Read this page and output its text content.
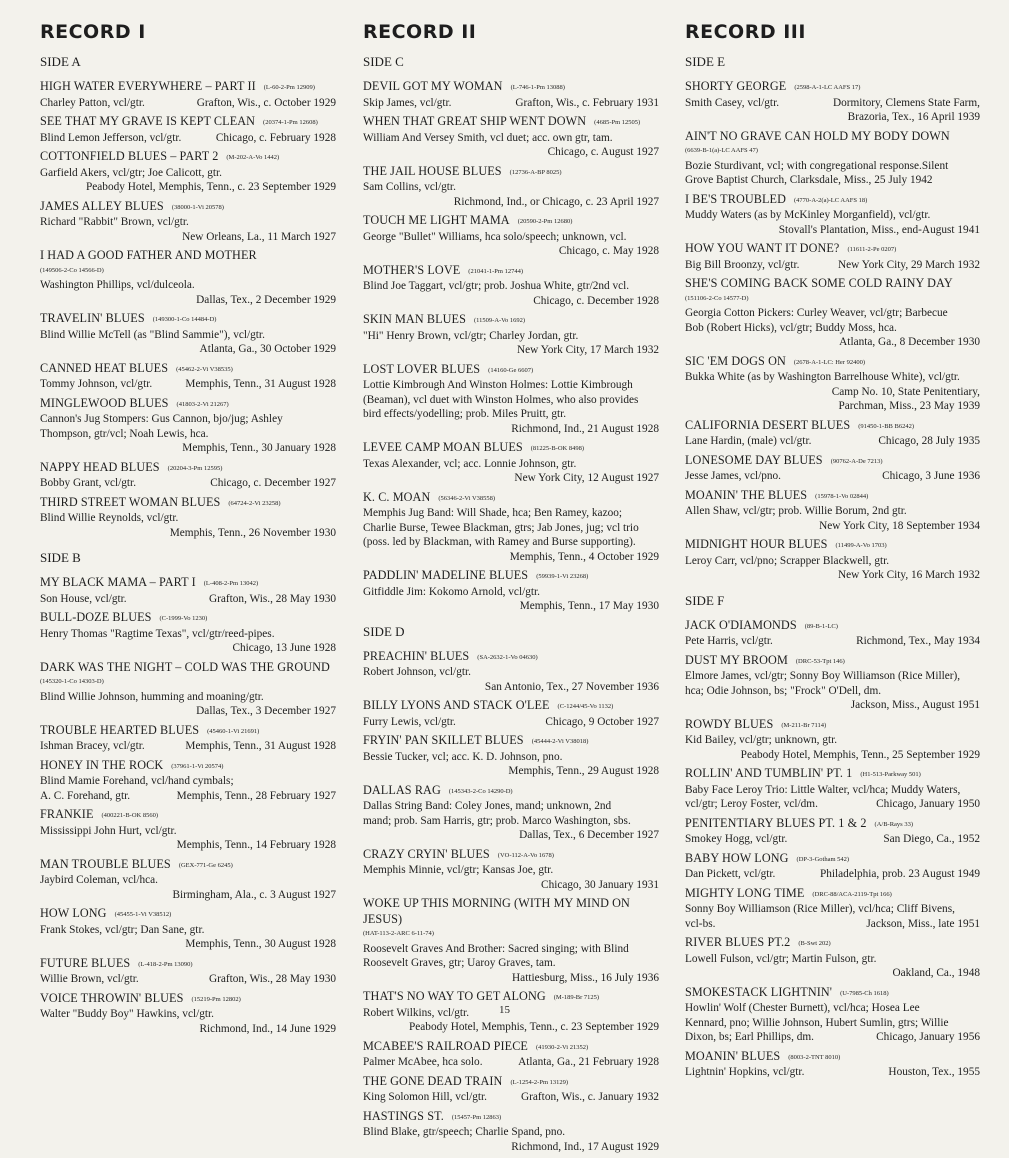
RECORD I
SIDE A
HIGH WATER EVERYWHERE – PART II (L-60-2-Pm 12909)
Charley Patton, vcl/gtr.	Grafton, Wis., c. October 1929
SEE THAT MY GRAVE IS KEPT CLEAN (20374-1-Pm 12608)
Blind Lemon Jefferson, vcl/gtr.	Chicago, c. February 1928
COTTONFIELD BLUES – PART 2 (M-202-A-Vo 1442)
Garfield Akers, vcl/gtr; Joe Calicott, gtr.
Peabody Hotel, Memphis, Tenn., c. 23 September 1929
JAMES ALLEY BLUES (38000-1-Vi 20578)
Richard "Rabbit" Brown, vcl/gtr.
New Orleans, La., 11 March 1927
I HAD A GOOD FATHER AND MOTHER
(149506-2-Co 14566-D)
Washington Phillips, vcl/dulceola.
Dallas, Tex., 2 December 1929
TRAVELIN' BLUES (149300-1-Co 14484-D)
Blind Willie McTell (as "Blind Sammie"), vcl/gtr.
Atlanta, Ga., 30 October 1929
CANNED HEAT BLUES (45462-2-Vi V38535)
Tommy Johnson, vcl/gtr.	Memphis, Tenn., 31 August 1928
MINGLEWOOD BLUES (41803-2-Vi 21267)
Cannon's Jug Stompers: Gus Cannon, bjo/jug; Ashley
Thompson, gtr/vcl; Noah Lewis, hca.
Memphis, Tenn., 30 January 1928
NAPPY HEAD BLUES (20204-3-Pm 12595)
Bobby Grant, vcl/gtr.	Chicago, c. December 1927
THIRD STREET WOMAN BLUES (64724-2-Vi 23258)
Blind Willie Reynolds, vcl/gtr.
Memphis, Tenn., 26 November 1930
SIDE B
MY BLACK MAMA – PART I (L-408-2-Pm 13042)
Son House, vcl/gtr.	Grafton, Wis., 28 May 1930
BULL-DOZE BLUES (C-1999-Vo 1230)
Henry Thomas "Ragtime Texas", vcl/gtr/reed-pipes.
Chicago, 13 June 1928
DARK WAS THE NIGHT – COLD WAS THE GROUND
(145320-1-Co 14303-D)
Blind Willie Johnson, humming and moaning/gtr.
Dallas, Tex., 3 December 1927
TROUBLE HEARTED BLUES (45460-1-Vi 21691)
Ishman Bracey, vcl/gtr.	Memphis, Tenn., 31 August 1928
HONEY IN THE ROCK (37961-1-Vi 20574)
Blind Mamie Forehand, vcl/hand cymbals;
A. C. Forehand, gtr.	Memphis, Tenn., 28 February 1927
FRANKIE (400221-B-OK 8560)
Mississippi John Hurt, vcl/gtr.
Memphis, Tenn., 14 February 1928
MAN TROUBLE BLUES (GEX-771-Ge 6245)
Jaybird Coleman, vcl/hca.
Birmingham, Ala., c. 3 August 1927
HOW LONG (45455-1-Vi V38512)
Frank Stokes, vcl/gtr; Dan Sane, gtr.
Memphis, Tenn., 30 August 1928
FUTURE BLUES (L-418-2-Pm 13090)
Willie Brown, vcl/gtr.	Grafton, Wis., 28 May 1930
VOICE THROWIN' BLUES (15219-Pm 12802)
Walter "Buddy Boy" Hawkins, vcl/gtr.
Richmond, Ind., 14 June 1929
RECORD II
SIDE C
DEVIL GOT MY WOMAN (L-746-1-Pm 13088)
Skip James, vcl/gtr.	Grafton, Wis., c. February 1931
WHEN THAT GREAT SHIP WENT DOWN (4685-Pm 12505)
William And Versey Smith, vcl duet; acc. own gtr, tam.
Chicago, c. August 1927
THE JAIL HOUSE BLUES (12736-A-BP 8025)
Sam Collins, vcl/gtr.
Richmond, Ind., or Chicago, c. 23 April 1927
TOUCH ME LIGHT MAMA (20590-2-Pm 12680)
George "Bullet" Williams, hca solo/speech; unknown, vcl.
Chicago, c. May 1928
MOTHER'S LOVE (21041-1-Pm 12744)
Blind Joe Taggart, vcl/gtr; prob. Joshua White, gtr/2nd vcl.
Chicago, c. December 1928
SKIN MAN BLUES (11509-A-Vo 1692)
"Hi" Henry Brown, vcl/gtr; Charley Jordan, gtr.
New York City, 17 March 1932
LOST LOVER BLUES (14160-Ge 6607)
Lottie Kimbrough And Winston Holmes: Lottie Kimbrough
(Beaman), vcl duet with Winston Holmes, who also provides
bird effects/yodelling; prob. Miles Pruitt, gtr.
Richmond, Ind., 21 August 1928
LEVEE CAMP MOAN BLUES (81225-B-OK 8498)
Texas Alexander, vcl; acc. Lonnie Johnson, gtr.
New York City, 12 August 1927
K. C. MOAN (56346-2-Vi V38558)
Memphis Jug Band: Will Shade, hca; Ben Ramey, kazoo;
Charlie Burse, Tewee Blackman, gtrs; Jab Jones, jug; vcl trio
(poss. led by Blackman, with Ramey and Burse supporting).
Memphis, Tenn., 4 October 1929
PADDLIN' MADELINE BLUES (59939-1-Vi 23268)
Gitfiddle Jim: Kokomo Arnold, vcl/gtr.
Memphis, Tenn., 17 May 1930
SIDE D
PREACHIN' BLUES (SA-2632-1-Vo 04630)
Robert Johnson, vcl/gtr.
San Antonio, Tex., 27 November 1936
BILLY LYONS AND STACK O'LEE (C-1244/45-Vo 1132)
Furry Lewis, vcl/gtr.	Chicago, 9 October 1927
FRYIN' PAN SKILLET BLUES (45444-2-Vi V38018)
Bessie Tucker, vcl; acc. K. D. Johnson, pno.
Memphis, Tenn., 29 August 1928
DALLAS RAG (145343-2-Co 14290-D)
Dallas String Band: Coley Jones, mand; unknown, 2nd
mand; prob. Sam Harris, gtr; prob. Marco Washington, sbs.
Dallas, Tex., 6 December 1927
CRAZY CRYIN' BLUES (VO-112-A-Vo 1678)
Memphis Minnie, vcl/gtr; Kansas Joe, gtr.
Chicago, 30 January 1931
WOKE UP THIS MORNING (WITH MY MIND ON JESUS)
(HAT-113-2-ARC 6-11-74)
Roosevelt Graves And Brother: Sacred singing; with Blind
Roosevelt Graves, gtr; Uaroy Graves, tam.
Hattiesburg, Miss., 16 July 1936
THAT'S NO WAY TO GET ALONG (M-189-Br 7125)
Robert Wilkins, vcl/gtr.
Peabody Hotel, Memphis, Tenn., c. 23 September 1929
MCABEE'S RAILROAD PIECE (41930-2-Vi 21352)
Palmer McAbee, hca solo.	Atlanta, Ga., 21 February 1928
THE GONE DEAD TRAIN (L-1254-2-Pm 13129)
King Solomon Hill, vcl/gtr.	Grafton, Wis., c. January 1932
HASTINGS ST. (15457-Pm 12863)
Blind Blake, gtr/speech; Charlie Spand, pno.
Richmond, Ind., 17 August 1929
RECORD III
SIDE E
SHORTY GEORGE (2598-A-1-LC AAFS 17)
Smith Casey, vcl/gtr.	Dormitory, Clemens State Farm,
Brazoria, Tex., 16 April 1939
AIN'T NO GRAVE CAN HOLD MY BODY DOWN
(6639-B-1(a)-LC AAFS 47)
Bozie Sturdivant, vcl; with congregational response.Silent
Grove Baptist Church, Clarksdale, Miss., 25 July 1942
I BE'S TROUBLED (4770-A-2(a)-LC AAFS 18)
Muddy Waters (as by McKinley Morganfield), vcl/gtr.
Stovall's Plantation, Miss., end-August 1941
HOW YOU WANT IT DONE? (11611-2-Pe 0207)
Big Bill Broonzy, vcl/gtr.	New York City, 29 March 1932
SHE'S COMING BACK SOME COLD RAINY DAY
(151106-2-Co 14577-D)
Georgia Cotton Pickers: Curley Weaver, vcl/gtr; Barbecue
Bob (Robert Hicks), vcl/gtr; Buddy Moss, hca.
Atlanta, Ga., 8 December 1930
SIC 'EM DOGS ON (2678-A-1-LC: Her 92400)
Bukka White (as by Washington Barrelhouse White), vcl/gtr.
Camp No. 10, State Penitentiary,
Parchman, Miss., 23 May 1939
CALIFORNIA DESERT BLUES (91450-1-BB B6242)
Lane Hardin, (male) vcl/gtr.	Chicago, 28 July 1935
LONESOME DAY BLUES (90762-A-De 7213)
Jesse James, vcl/pno.	Chicago, 3 June 1936
MOANIN' THE BLUES (15978-1-Vo 02844)
Allen Shaw, vcl/gtr; prob. Willie Borum, 2nd gtr.
New York City, 18 September 1934
MIDNIGHT HOUR BLUES (11499-A-Vo 1703)
Leroy Carr, vcl/pno; Scrapper Blackwell, gtr.
New York City, 16 March 1932
SIDE F
JACK O'DIAMONDS (89-B-1-LC)
Pete Harris, vcl/gtr.	Richmond, Tex., May 1934
DUST MY BROOM (DRC-53-Tpt 146)
Elmore James, vcl/gtr; Sonny Boy Williamson (Rice Miller),
hca; Odie Johnson, bs; "Frock" O'Dell, dm.
Jackson, Miss., August 1951
ROWDY BLUES (M-211-Br 7114)
Kid Bailey, vcl/gtr; unknown, gtr.
Peabody Hotel, Memphis, Tenn., 25 September 1929
ROLLIN' AND TUMBLIN' PT. 1 (H1-513-Parkway 501)
Baby Face Leroy Trio: Little Walter, vcl/hca; Muddy Waters,
vcl/gtr; Leroy Foster, vcl/dm.	Chicago, January 1950
PENITENTIARY BLUES PT. 1 & 2 (A/B-Rays 33)
Smokey Hogg, vcl/gtr.	San Diego, Ca., 1952
BABY HOW LONG (DP-3-Gotham 542)
Dan Pickett, vcl/gtr.	Philadelphia, prob. 23 August 1949
MIGHTY LONG TIME (DRC-88/ACA-2119-Tpt 166)
Sonny Boy Williamson (Rice Miller), vcl/hca; Cliff Bivens,
vcl-bs.	Jackson, Miss., late 1951
RIVER BLUES PT.2 (B-Swt 202)
Lowell Fulson, vcl/gtr; Martin Fulson, gtr.
Oakland, Ca., 1948
SMOKESTACK LIGHTNIN' (U-7985-Ch 1618)
Howlin' Wolf (Chester Burnett), vcl/hca; Hosea Lee
Kennard, pno; Willie Johnson, Hubert Sumlin, gtrs; Willie
Dixon, bs; Earl Phillips, dm.	Chicago, January 1956
MOANIN' BLUES (8003-2-TNT 8010)
Lightnin' Hopkins, vcl/gtr.	Houston, Tex., 1955
15
